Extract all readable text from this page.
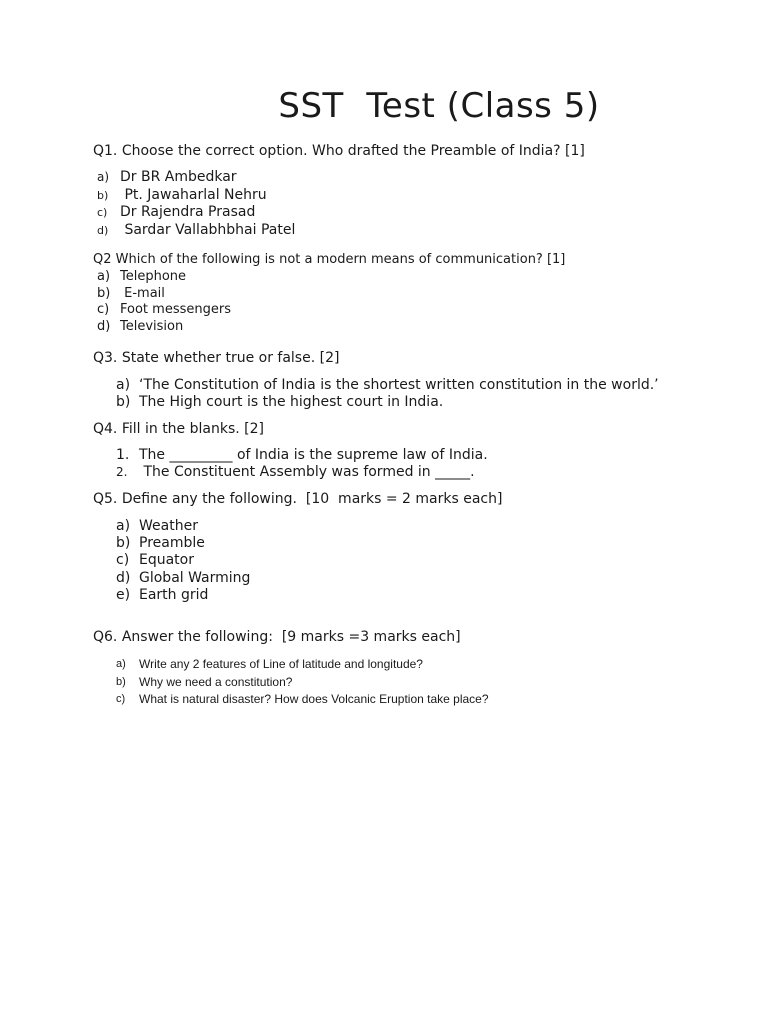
SST  Test (Class 5)
Q1. Choose the correct option. Who drafted the Preamble of India? [1]
a) Dr BR Ambedkar
b) Pt. Jawaharlal Nehru
c) Dr Rajendra Prasad
d) Sardar Vallabhbhai Patel
Q2 Which of the following is not a modern means of communication? [1]
a) Telephone
b) E-mail
c) Foot messengers
d) Television
Q3. State whether true or false. [2]
a) ‘The Constitution of India is the shortest written constitution in the world.’
b) The High court is the highest court in India.
Q4. Fill in the blanks. [2]
1. The _________ of India is the supreme law of India.
2. The Constituent Assembly was formed in _____.
Q5. Define any the following.  [10  marks = 2 marks each]
a) Weather
b) Preamble
c) Equator
d) Global Warming
e) Earth grid
Q6. Answer the following:  [9 marks =3 marks each]
a) Write any 2 features of Line of latitude and longitude?
b) Why we need a constitution?
c) What is natural disaster? How does Volcanic Eruption take place?
